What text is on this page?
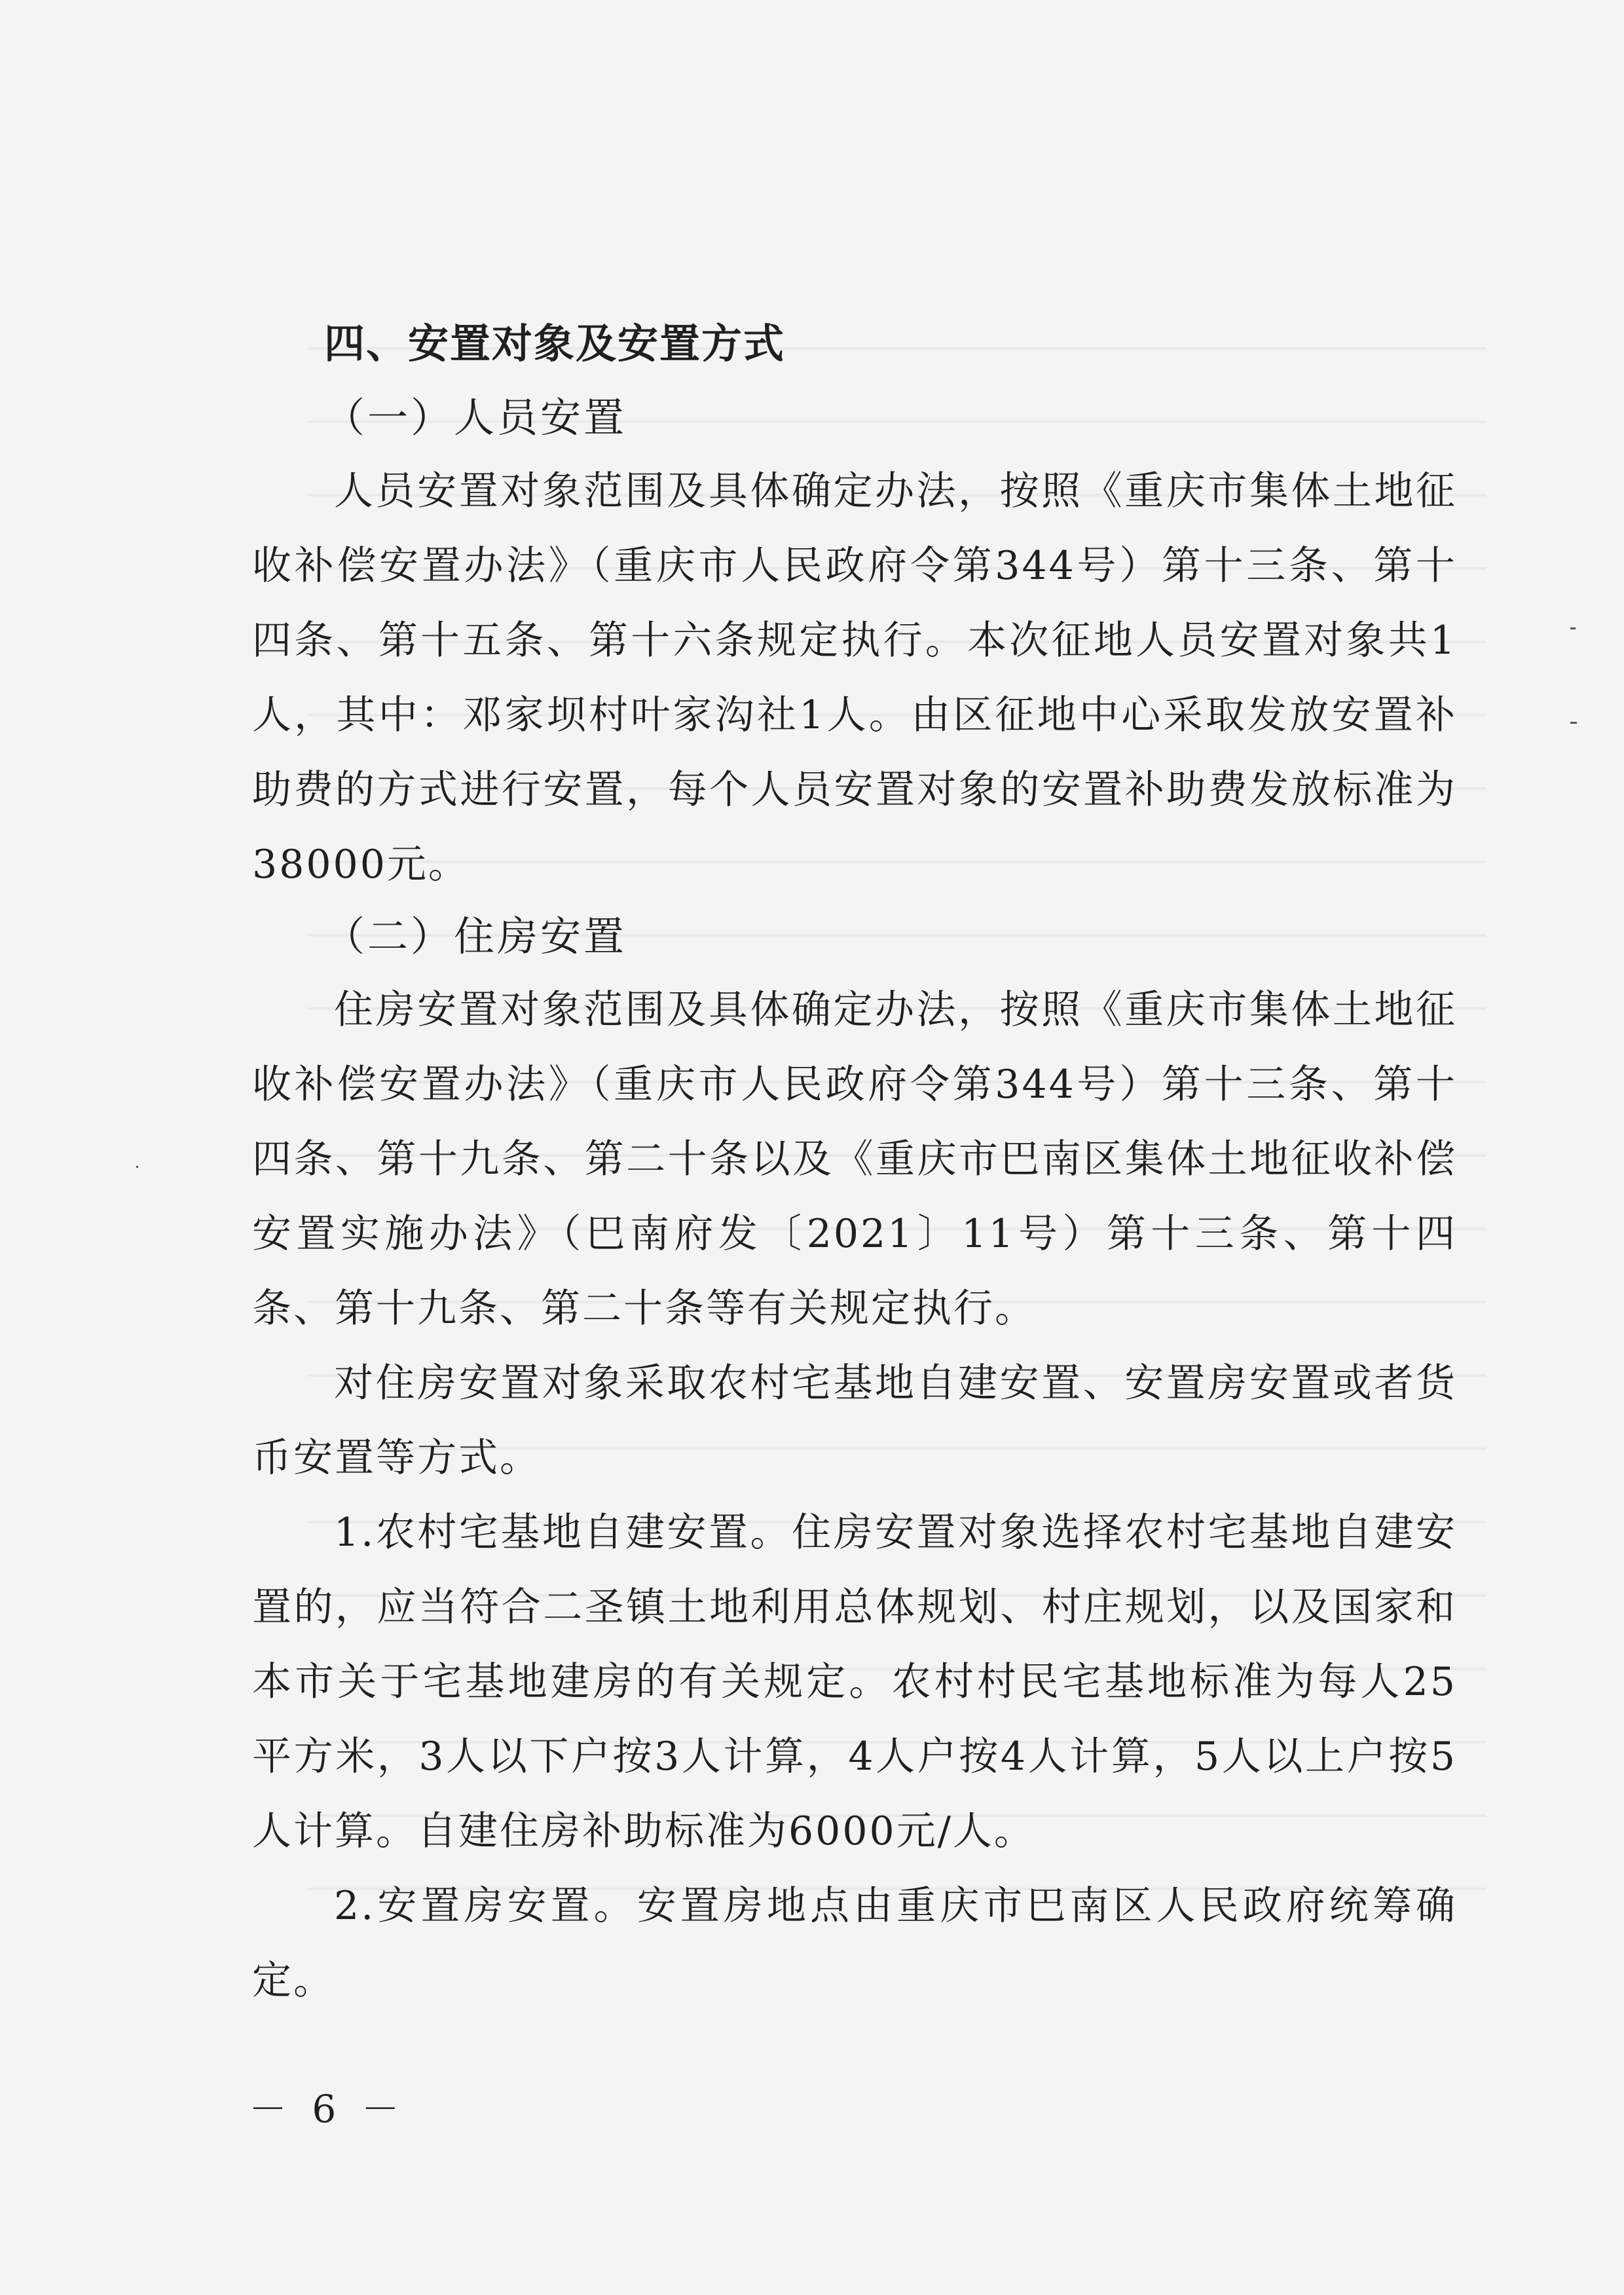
四、安置对象及安置方式
（一）人员安置
人员安置对象范围及具体确定办法，按照《重庆市集体土地征收补偿安置办法》（重庆市人民政府令第344号）第十三条、第十四条、第十五条、第十六条规定执行。本次征地人员安置对象共1人，其中：邓家坝村叶家沟社1人。由区征地中心采取发放安置补助费的方式进行安置，每个人员安置对象的安置补助费发放标准为38000元。
（二）住房安置
住房安置对象范围及具体确定办法，按照《重庆市集体土地征收补偿安置办法》（重庆市人民政府令第344号）第十三条、第十四条、第十九条、第二十条以及《重庆市巴南区集体土地征收补偿安置实施办法》（巴南府发〔2021〕11号）第十三条、第十四条、第十九条、第二十条等有关规定执行。
对住房安置对象采取农村宅基地自建安置、安置房安置或者货币安置等方式。
1.农村宅基地自建安置。住房安置对象选择农村宅基地自建安置的，应当符合二圣镇土地利用总体规划、村庄规划，以及国家和本市关于宅基地建房的有关规定。农村村民宅基地标准为每人25平方米，3人以下户按3人计算，4人户按4人计算，5人以上户按5人计算。自建住房补助标准为6000元/人。
2.安置房安置。安置房地点由重庆市巴南区人民政府统筹确定。
－ 6 －
